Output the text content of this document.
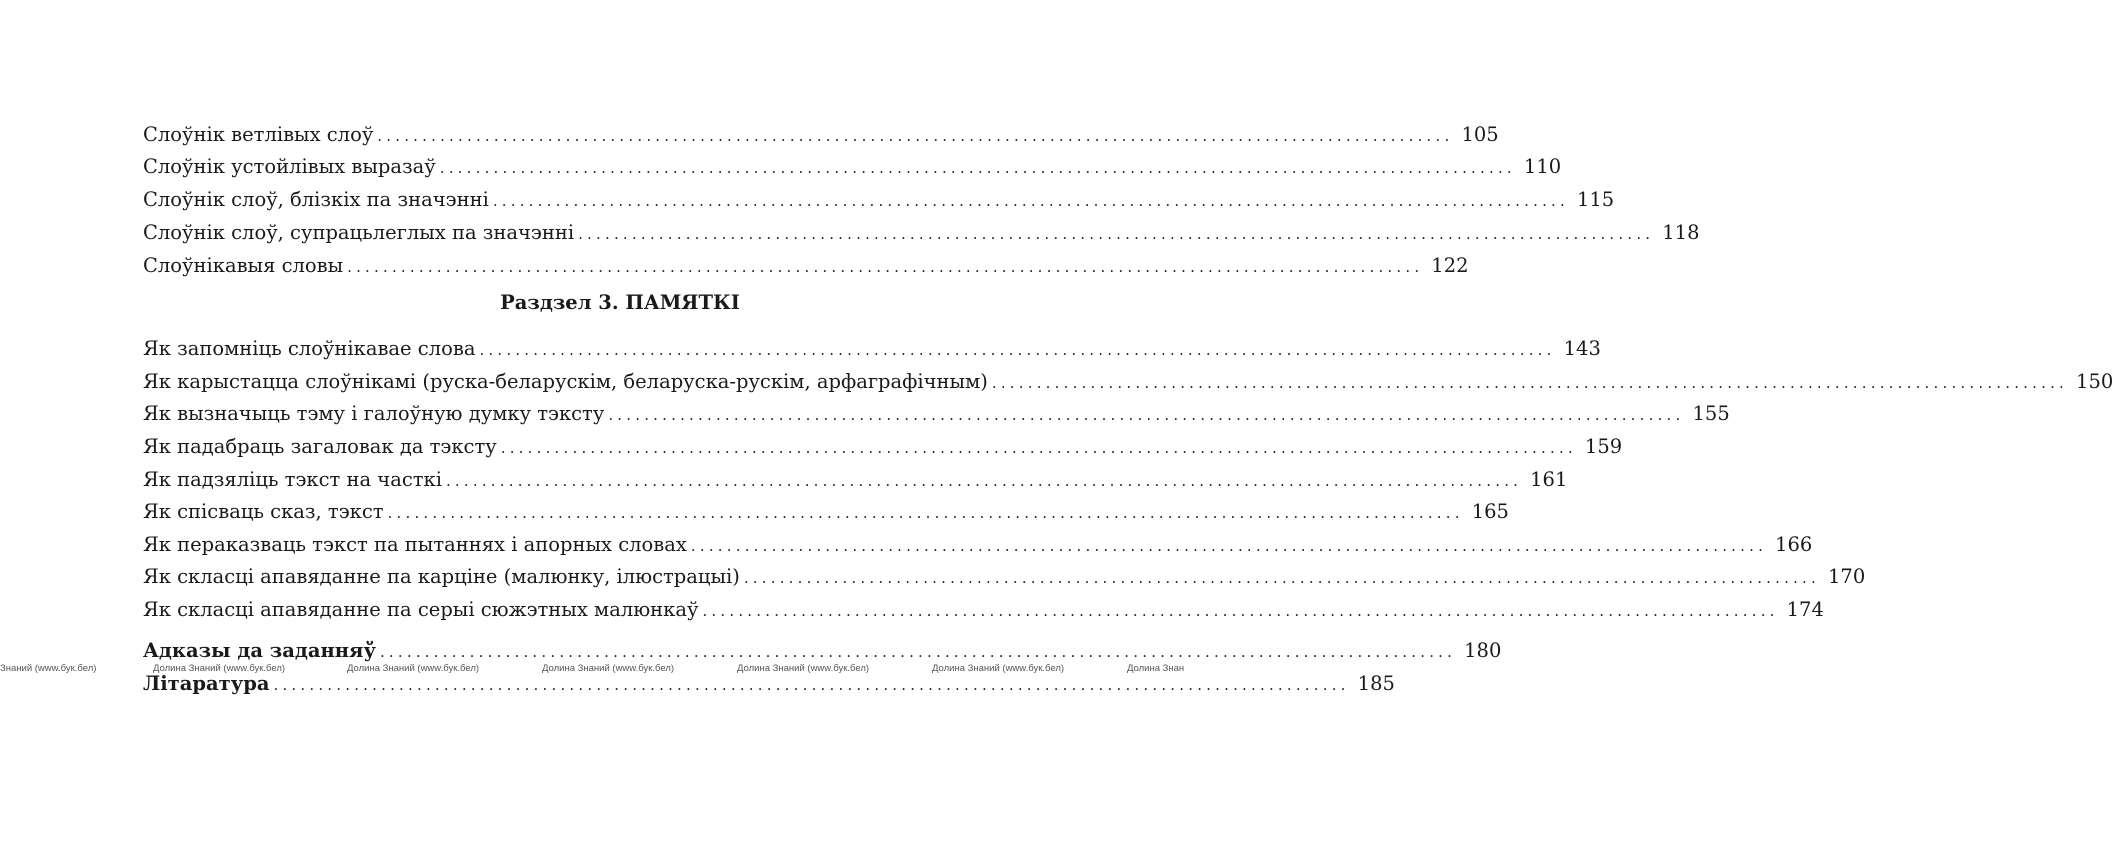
Слоўнік ветлівых слоў ........................................................................................................................ 105
Слоўнік устойлівых выразаў ........................................................................................................................ 110
Слоўнік слоў, блізкіх па значэнні ........................................................................................................................ 115
Слоўнік слоў, супрацьлеглых па значэнні ........................................................................................................................ 118
Слоўнікавыя словы ........................................................................................................................ 122
Раздзел 3. ПАМЯТКІ
Як запомніць слоўнікавае слова ........................................................................................................................ 143
Як карыстацца слоўнікамі (руска-беларускім, беларуска-рускім, арфаграфічным) ........................................................................................................................ 150
Як вызначыць тэму і галоўную думку тэксту ........................................................................................................................ 155
Як падабраць загаловак да тэксту ........................................................................................................................ 159
Як падзяліць тэкст на часткі ........................................................................................................................ 161
Як спісваць сказ, тэкст ........................................................................................................................ 165
Як пераказваць тэкст па пытаннях і апорных словах ........................................................................................................................ 166
Як скласці апавяданне па карціне (малюнку, ілюстрацыі) ........................................................................................................................ 170
Як скласці апавяданне па серыі сюжэтных малюнкаў ........................................................................................................................ 174
Адказы да заданняў ........................................................................................................................ 180
Літаратура ........................................................................................................................ 185
Знаний (www.бук.бел)	Долина Знаний (www.бук.бел)	Долина Знаний (www.бук.бел)	Долина Знаний (www.бук.бел)	Долина Знаний (www.бук.бел)	Долина Знаний (www.бук.бел)	Долина Знан
